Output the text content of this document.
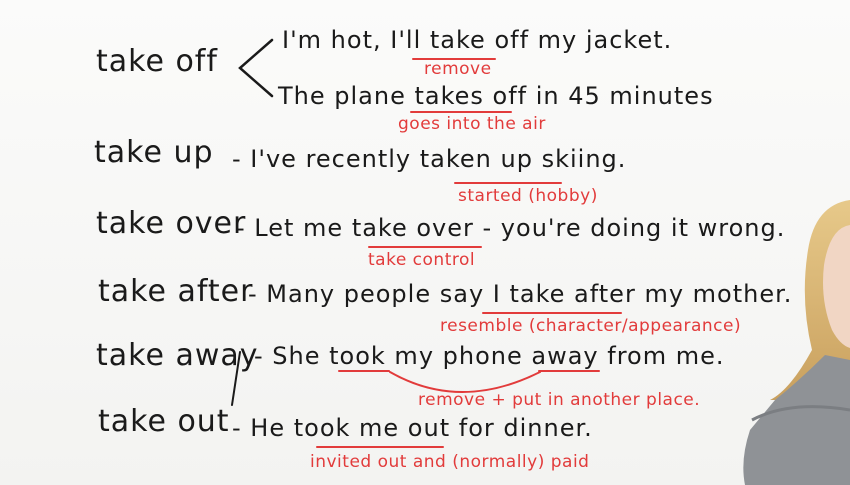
take off
I'm hot, I'll take off my jacket.
remove
The plane takes off in 45 minutes
goes into the air
take up - I've recently taken up skiing.
started (hobby)
take over
- Let me take over - you're doing it wrong.
take control
take after
- Many people say I take after my mother.
resemble (character/appearance)
take away
- She took my phone away from me.
remove + put in another place.
take out - He took me out for dinner.
invited out and (normally) paid
